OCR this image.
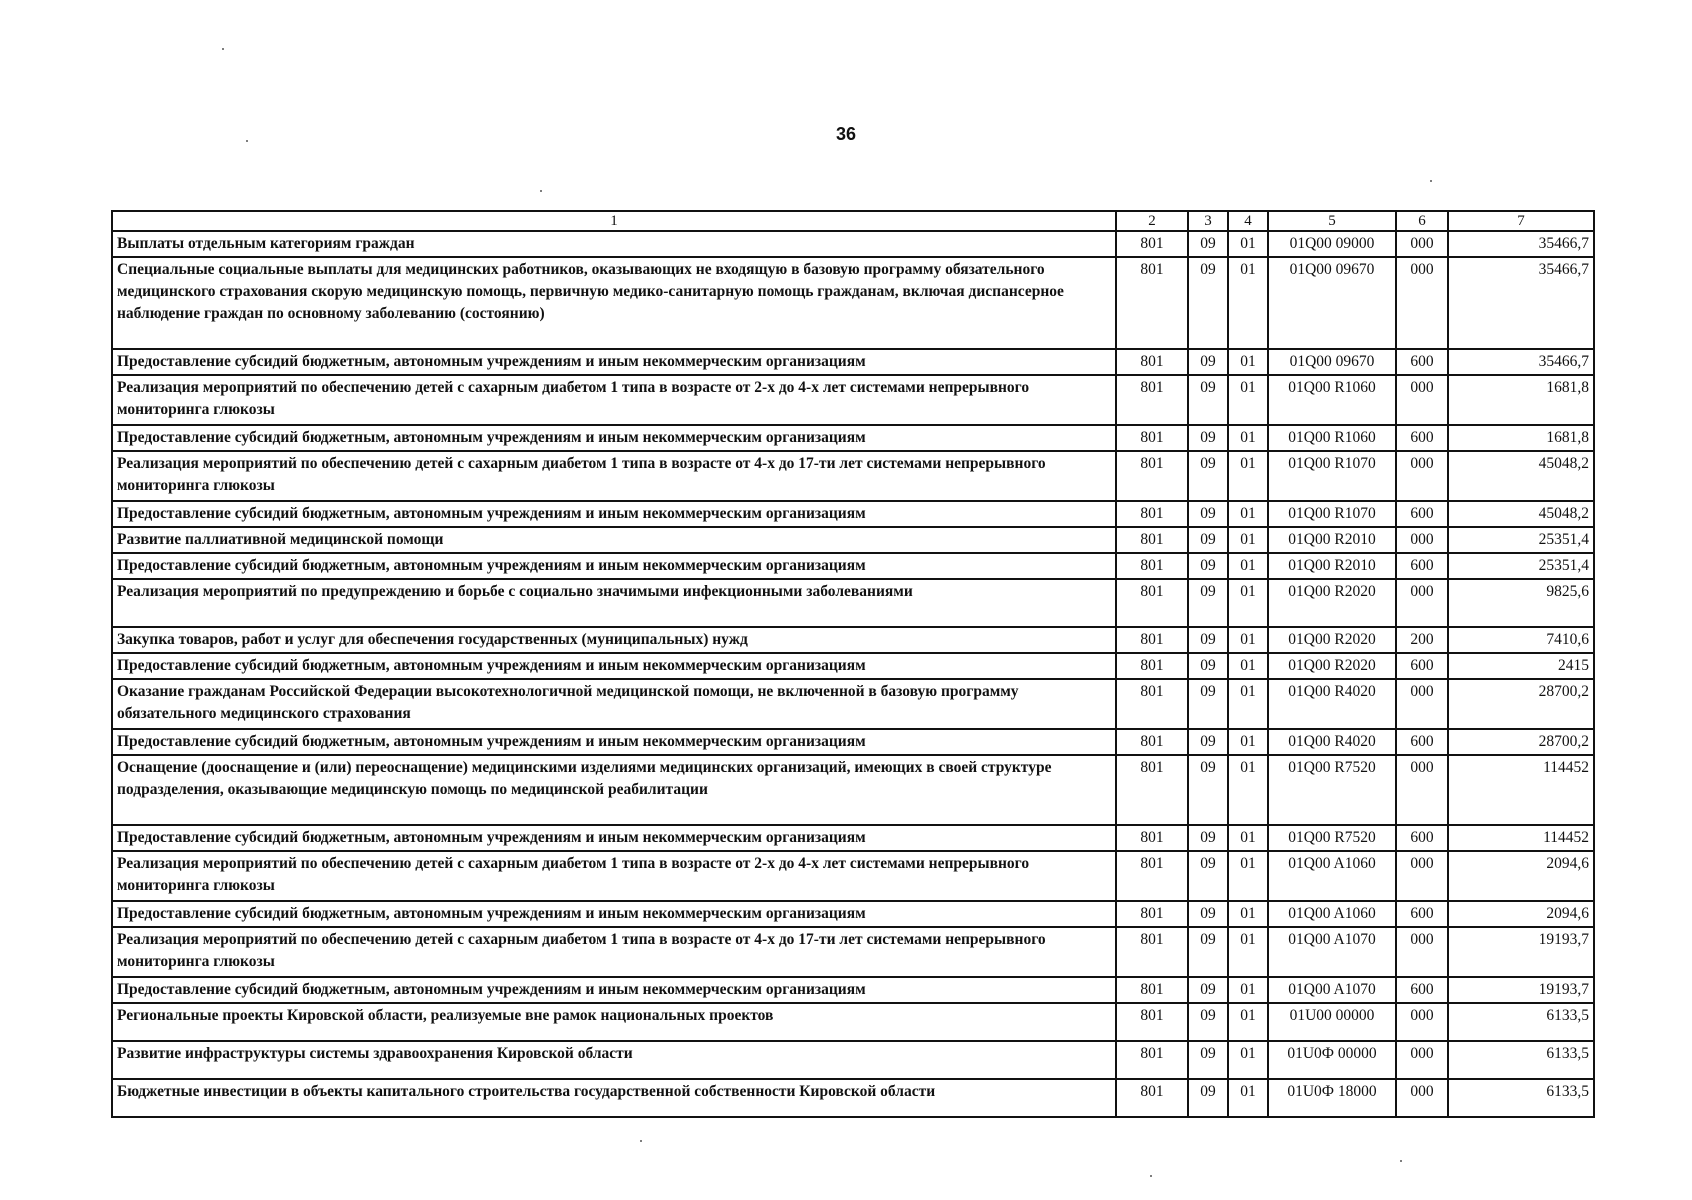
36
1	2	3	4	5	6	7
Выплаты отдельным категориям граждан	801	09	01	01Q00 09000	000	35466,7
Специальные социальные выплаты для медицинских работников, оказывающих не входящую в базовую программу обязательного медицинского страхования скорую медицинскую помощь, первичную медико-санитарную помощь гражданам, включая диспансерное наблюдение граждан по основному заболеванию (состоянию)	801	09	01	01Q00 09670	000	35466,7
Предоставление субсидий бюджетным, автономным учреждениям и иным некоммерческим организациям	801	09	01	01Q00 09670	600	35466,7
Реализация мероприятий по обеспечению детей с сахарным диабетом 1 типа в возрасте от 2-х до 4-х лет системами непрерывного мониторинга глюкозы	801	09	01	01Q00 R1060	000	1681,8
Предоставление субсидий бюджетным, автономным учреждениям и иным некоммерческим организациям	801	09	01	01Q00 R1060	600	1681,8
Реализация мероприятий по обеспечению детей с сахарным диабетом 1 типа в возрасте от 4-х до 17-ти лет системами непрерывного мониторинга глюкозы	801	09	01	01Q00 R1070	000	45048,2
Предоставление субсидий бюджетным, автономным учреждениям и иным некоммерческим организациям	801	09	01	01Q00 R1070	600	45048,2
Развитие паллиативной медицинской помощи	801	09	01	01Q00 R2010	000	25351,4
Предоставление субсидий бюджетным, автономным учреждениям и иным некоммерческим организациям	801	09	01	01Q00 R2010	600	25351,4
Реализация мероприятий по предупреждению и борьбе с социально значимыми инфекционными заболеваниями	801	09	01	01Q00 R2020	000	9825,6
Закупка товаров, работ и услуг для обеспечения государственных (муниципальных) нужд	801	09	01	01Q00 R2020	200	7410,6
Предоставление субсидий бюджетным, автономным учреждениям и иным некоммерческим организациям	801	09	01	01Q00 R2020	600	2415
Оказание гражданам Российской Федерации высокотехнологичной медицинской помощи, не включенной в базовую программу обязательного медицинского страхования	801	09	01	01Q00 R4020	000	28700,2
Предоставление субсидий бюджетным, автономным учреждениям и иным некоммерческим организациям	801	09	01	01Q00 R4020	600	28700,2
Оснащение (дооснащение и (или) переоснащение) медицинскими изделиями медицинских организаций, имеющих в своей структуре подразделения, оказывающие медицинскую помощь по медицинской реабилитации	801	09	01	01Q00 R7520	000	114452
Предоставление субсидий бюджетным, автономным учреждениям и иным некоммерческим организациям	801	09	01	01Q00 R7520	600	114452
Реализация мероприятий по обеспечению детей с сахарным диабетом 1 типа в возрасте от 2-х до 4-х лет системами непрерывного мониторинга глюкозы	801	09	01	01Q00 A1060	000	2094,6
Предоставление субсидий бюджетным, автономным учреждениям и иным некоммерческим организациям	801	09	01	01Q00 A1060	600	2094,6
Реализация мероприятий по обеспечению детей с сахарным диабетом 1 типа в возрасте от 4-х до 17-ти лет системами непрерывного мониторинга глюкозы	801	09	01	01Q00 A1070	000	19193,7
Предоставление субсидий бюджетным, автономным учреждениям и иным некоммерческим организациям	801	09	01	01Q00 A1070	600	19193,7
Региональные проекты Кировской области, реализуемые вне рамок национальных проектов	801	09	01	01U00 00000	000	6133,5
Развитие инфраструктуры системы здравоохранения Кировской области	801	09	01	01U0Ф 00000	000	6133,5
Бюджетные инвестиции в объекты капитального строительства государственной собственности Кировской области	801	09	01	01U0Ф 18000	000	6133,5
